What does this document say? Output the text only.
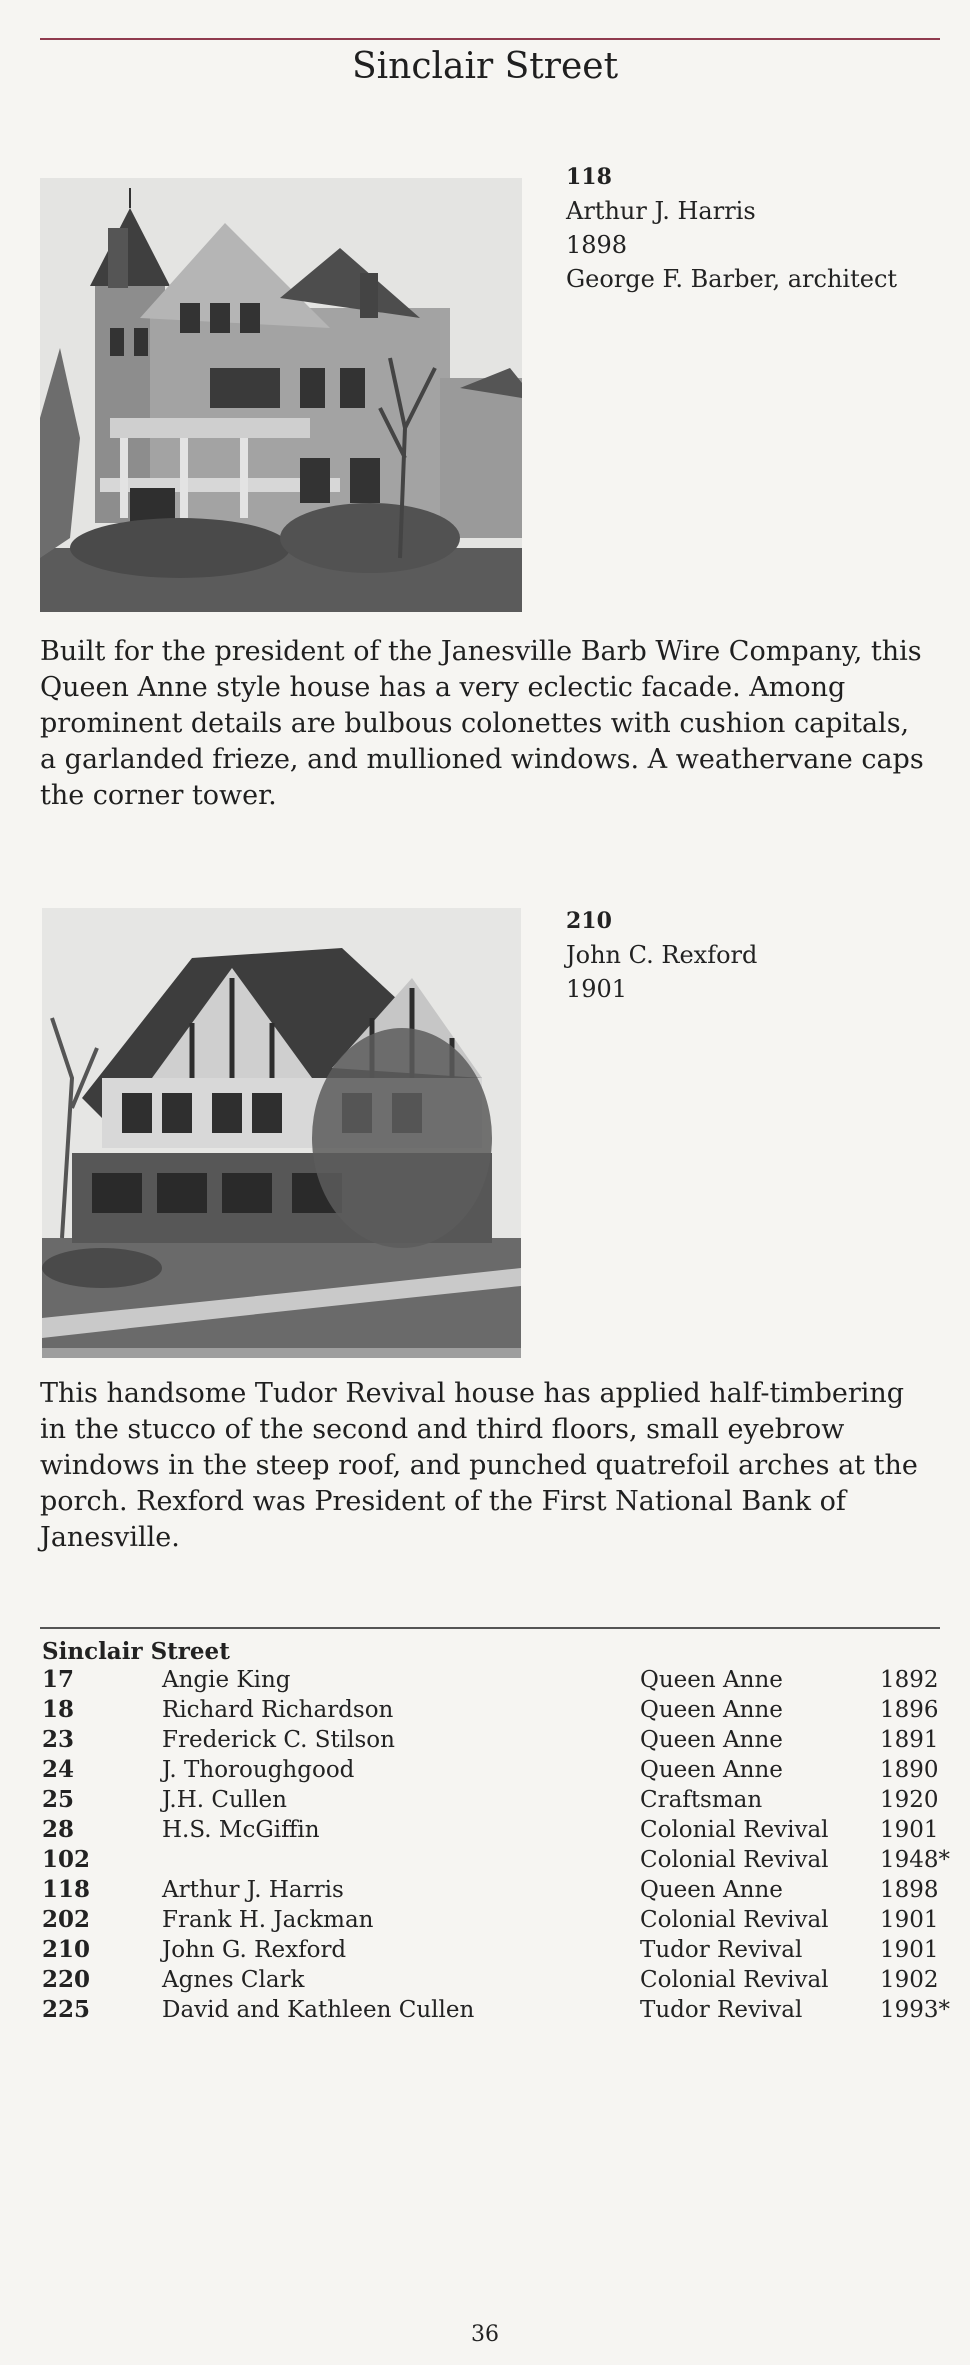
Sinclair Street
118
Arthur J. Harris
1898
George F. Barber, architect

Built for the president of the Janesville Barb Wire Company, this Queen Anne style house has a very eclectic facade. Among prominent details are bulbous colonettes with cushion capitals, a garlanded frieze, and mullioned windows. A weathervane caps the corner tower.

210
John C. Rexford
1901

This handsome Tudor Revival house has applied half-timbering in the stucco of the second and third floors, small eyebrow windows in the steep roof, and punched quatrefoil arches at the porch. Rexford was President of the First National Bank of Janesville.

Sinclair Street
17	Angie King	Queen Anne	1892
18	Richard Richardson	Queen Anne	1896
23	Frederick C. Stilson	Queen Anne	1891
24	J. Thoroughgood	Queen Anne	1890
25	J.H. Cullen	Craftsman	1920
28	H.S. McGiffin	Colonial Revival	1901
102		Colonial Revival	1948*
118	Arthur J. Harris	Queen Anne	1898
202	Frank H. Jackman	Colonial Revival	1901
210	John G. Rexford	Tudor Revival	1901
220	Agnes Clark	Colonial Revival	1902
225	David and Kathleen Cullen	Tudor Revival	1993*
36
